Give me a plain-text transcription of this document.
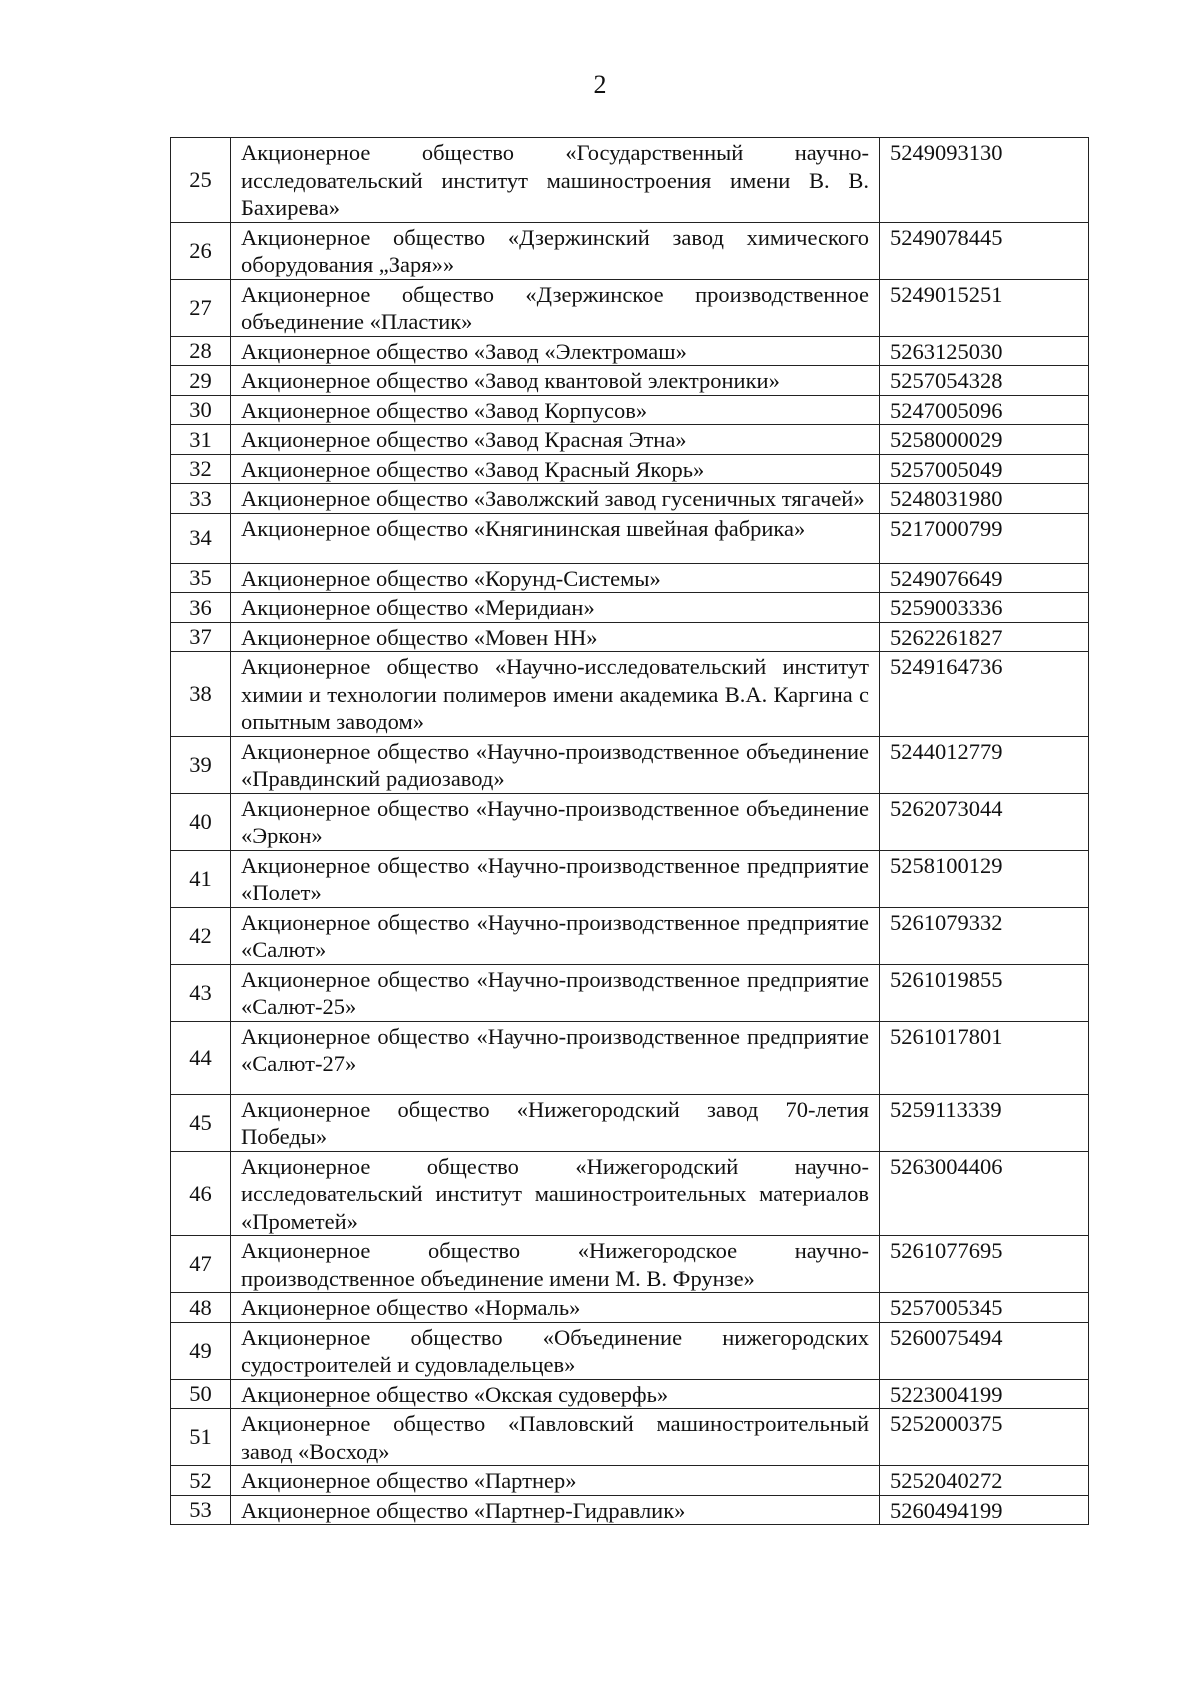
2
25	Акционерное общество «Государственный научно-исследовательский институт машиностроения имени В. В. Бахирева»	5249093130
26	Акционерное общество «Дзержинский завод химического оборудования „Заря»»	5249078445
27	Акционерное общество «Дзержинское производственное объединение «Пластик»	5249015251
28	Акционерное общество «Завод «Электромаш»	5263125030
29	Акционерное общество «Завод квантовой электроники»	5257054328
30	Акционерное общество «Завод Корпусов»	5247005096
31	Акционерное общество «Завод Красная Этна»	5258000029
32	Акционерное общество «Завод Красный Якорь»	5257005049
33	Акционерное общество «Заволжский завод гусеничных тягачей»	5248031980
34	Акционерное общество «Княгининская швейная фабрика»	5217000799
35	Акционерное общество «Корунд-Системы»	5249076649
36	Акционерное общество «Меридиан»	5259003336
37	Акционерное общество «Мовен НН»	5262261827
38	Акционерное общество «Научно-исследовательский институт химии и технологии полимеров имени академика В.А. Каргина с опытным заводом»	5249164736
39	Акционерное общество «Научно-производственное объединение «Правдинский радиозавод»	5244012779
40	Акционерное общество «Научно-производственное объединение «Эркон»	5262073044
41	Акционерное общество «Научно-производственное предприятие «Полет»	5258100129
42	Акционерное общество «Научно-производственное предприятие «Салют»	5261079332
43	Акционерное общество «Научно-производственное предприятие «Салют-25»	5261019855
44	Акционерное общество «Научно-производственное предприятие «Салют-27»	5261017801
45	Акционерное общество «Нижегородский завод 70-летия Победы»	5259113339
46	Акционерное общество «Нижегородский научно-исследовательский институт машиностроительных материалов «Прометей»	5263004406
47	Акционерное общество «Нижегородское научно-производственное объединение имени М. В. Фрунзе»	5261077695
48	Акционерное общество «Нормаль»	5257005345
49	Акционерное общество «Объединение нижегородских судостроителей и судовладельцев»	5260075494
50	Акционерное общество «Окская судоверфь»	5223004199
51	Акционерное общество «Павловский машиностроительный завод «Восход»	5252000375
52	Акционерное общество «Партнер»	5252040272
53	Акционерное общество «Партнер-Гидравлик»	5260494199
